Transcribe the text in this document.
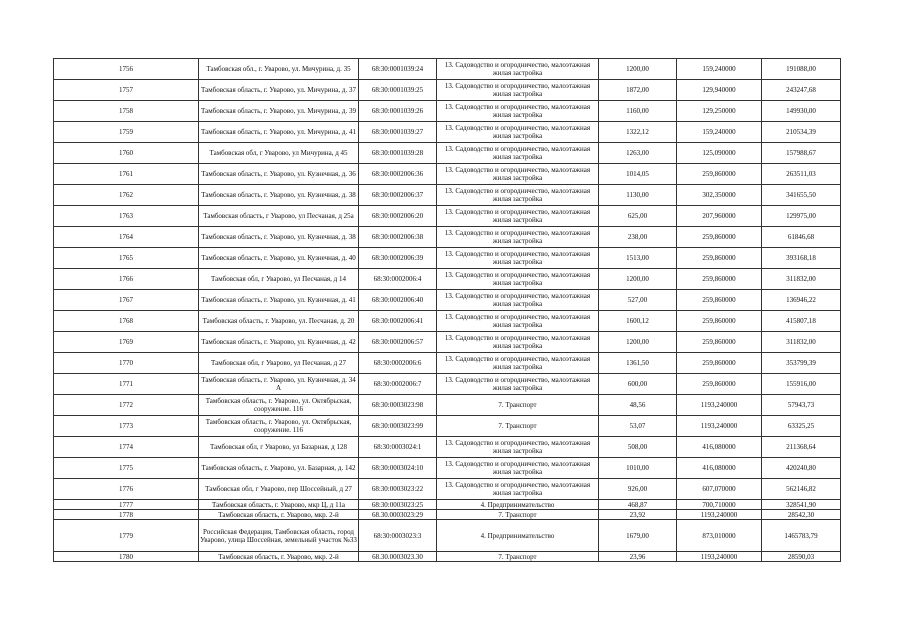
1756		Тамбовская обл., г. Уварово, ул. Мичурина, д. 35	68:30:0001039:24	13. Садоводство и огородничество, малоэтажная жилая застройка	1200,00	159,240000	191088,00
1757		Тамбовская область, г. Уварово, ул. Мичурина, д. 37	68:30:0001039:25	13. Садоводство и огородничество, малоэтажная жилая застройка	1872,00	129,940000	243247,68
1758		Тамбовская область, г. Уварово, ул. Мичурина, д. 39	68:30:0001039:26	13. Садоводство и огородничество, малоэтажная жилая застройка	1160,00	129,250000	149930,00
1759		Тамбовская область, г. Уварово, ул. Мичурина, д. 41	68:30:0001039:27	13. Садоводство и огородничество, малоэтажная жилая застройка	1322,12	159,240000	210534,39
1760		Тамбовская обл, г Уварово, ул Мичурина, д 45	68:30:0001039:28	13. Садоводство и огородничество, малоэтажная жилая застройка	1263,00	125,090000	157988,67
1761		Тамбовская область, г. Уварово, ул. Кузнечная, д. 36	68:30:0002006:36	13. Садоводство и огородничество, малоэтажная жилая застройка	1014,05	259,860000	263511,03
1762		Тамбовская область, г. Уварово, ул. Кузнечная, д. 38	68:30:0002006:37	13. Садоводство и огородничество, малоэтажная жилая застройка	1130,00	302,350000	341655,50
1763		Тамбовская область, г Уварово, ул Песчаная, д 25а	68:30:0002006:20	13. Садоводство и огородничество, малоэтажная жилая застройка	625,00	207,960000	129975,00
1764		Тамбовская область, г. Уварово, ул. Кузнечная, д. 38	68:30:0002006:38	13. Садоводство и огородничество, малоэтажная жилая застройка	238,00	259,860000	61846,68
1765		Тамбовская область, г. Уварово, ул. Кузнечная, д. 40	68:30:0002006:39	13. Садоводство и огородничество, малоэтажная жилая застройка	1513,00	259,860000	393168,18
1766		Тамбовская обл, г Уварово, ул Песчаная, д 14	68:30:0002006:4	13. Садоводство и огородничество, малоэтажная жилая застройка	1200,00	259,860000	311832,00
1767		Тамбовская область, г. Уварово, ул. Кузнечная, д. 41	68:30:0002006:40	13. Садоводство и огородничество, малоэтажная жилая застройка	527,00	259,860000	136946,22
1768		Тамбовская область, г. Уварово, ул. Песчаная, д. 20	68:30:0002006:41	13. Садоводство и огородничество, малоэтажная жилая застройка	1600,12	259,860000	415807,18
1769		Тамбовская область, г. Уварово, ул. Кузнечная, д. 42	68:30:0002006:57	13. Садоводство и огородничество, малоэтажная жилая застройка	1200,00	259,860000	311832,00
1770		Тамбовская обл, г Уварово, ул Песчаная, д 27	68:30:0002006:6	13. Садоводство и огородничество, малоэтажная жилая застройка	1361,50	259,860000	353799,39
1771		Тамбовская область, г. Уварово, ул. Кузнечная, д. 34 А	68:30:0002006:7	13. Садоводство и огородничество, малоэтажная жилая застройка	600,00	259,860000	155916,00
1772		Тамбовская область, г. Уварово, ул. Октябрьская, сооружение. 116	68:30:0003023:98	7. Транспорт	48,56	1193,240000	57943,73
1773		Тамбовская область, г. Уварово, ул. Октябрьская, сооружение. 116	68:30:0003023:99	7. Транспорт	53,07	1193,240000	63325,25
1774		Тамбовская обл, г Уварово, ул Базарная, д 128	68:30:0003024:1	13. Садоводство и огородничество, малоэтажная жилая застройка	508,00	416,080000	211368,64
1775		Тамбовская область, г. Уварово, ул. Базарная, д. 142	68:30:0003024:10	13. Садоводство и огородничество, малоэтажная жилая застройка	1010,00	416,080000	420240,80
1776		Тамбовская обл, г Уварово, пер Шоссейный, д 27	68:30:0003023:22	13. Садоводство и огородничество, малоэтажная жилая застройка	926,00	607,070000	562146,82
1777		Тамбовская область, г. Уварово, мкр Ц, д 11а	68:30:0003023:25	4. Предпринимательство	468,87	700,710000	328541,90
1778		Тамбовская область, г. Уварово, мкр. 2-й	68.30.0003023:29	7. Транспорт	23,92	1193,240000	28542,30
1779		Российская Федерация, Тамбовская область, город Уварово, улица Шоссейная, земельный участок №33	68:30:0003023:3	4. Предпринимательство	1679,00	873,010000	1465783,79
1780		Тамбовская область, г. Уварово, мкр. 2-й	68.30.0003023.30	7. Транспорт	23,96	1193,240000	28590,03
